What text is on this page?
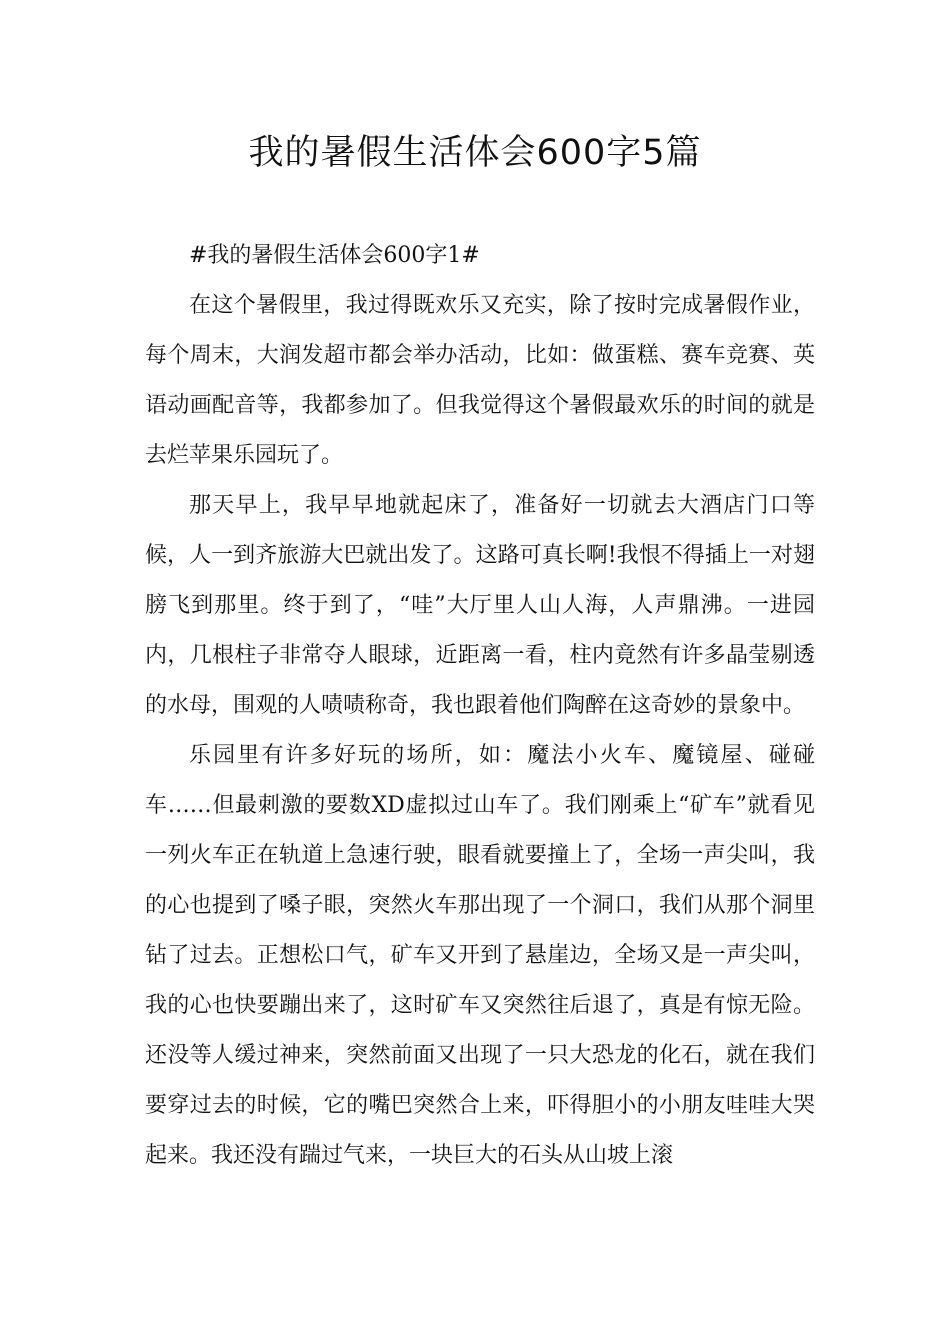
我的暑假生活体会600字5篇

#我的暑假生活体会600字1#

在这个暑假里，我过得既欢乐又充实，除了按时完成暑假作业，每个周末，大润发超市都会举办活动，比如：做蛋糕、赛车竞赛、英语动画配音等，我都参加了。但我觉得这个暑假最欢乐的时间的就是去烂苹果乐园玩了。

那天早上，我早早地就起床了，准备好一切就去大酒店门口等候，人一到齐旅游大巴就出发了。这路可真长啊!我恨不得插上一对翅膀飞到那里。终于到了，“哇”大厅里人山人海，人声鼎沸。一进园内，几根柱子非常夺人眼球，近距离一看，柱内竟然有许多晶莹剔透的水母，围观的人啧啧称奇，我也跟着他们陶醉在这奇妙的景象中。

乐园里有许多好玩的场所，如：魔法小火车、魔镜屋、碰碰车……但最刺激的要数XD虚拟过山车了。我们刚乘上“矿车”就看见一列火车正在轨道上急速行驶，眼看就要撞上了，全场一声尖叫，我的心也提到了嗓子眼，突然火车那出现了一个洞口，我们从那个洞里钻了过去。正想松口气，矿车又开到了悬崖边，全场又是一声尖叫，我的心也快要蹦出来了，这时矿车又突然往后退了，真是有惊无险。还没等人缓过神来，突然前面又出现了一只大恐龙的化石，就在我们要穿过去的时候，它的嘴巴突然合上来，吓得胆小的小朋友哇哇大哭起来。我还没有踹过气来，一块巨大的石头从山坡上滚
